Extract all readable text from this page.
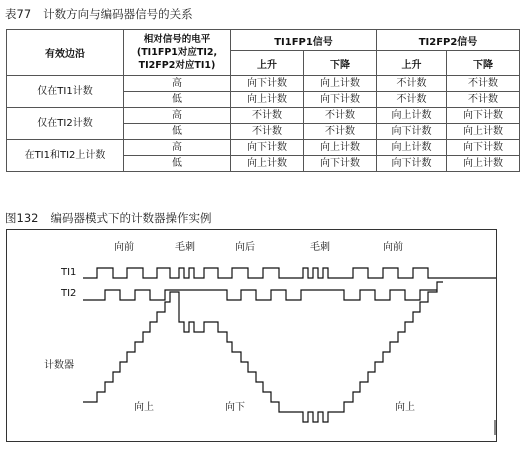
表77 计数方向与编码器信号的关系
有效边沿	相对信号的电平
(TI1FP1对应TI2,
TI2FP2对应TI1)	TI1FP1信号		TI2FP2信号	
		上升	下降	上升	下降
仅在TI1计数	高	向下计数	向上计数	不计数	不计数
	低	向上计数	向下计数	不计数	不计数
仅在TI2计数	高	不计数	不计数	向上计数	向下计数
	低	不计数	不计数	向下计数	向上计数
在TI1和TI2上计数	高	向下计数	向上计数	向上计数	向下计数
	低	向上计数	向下计数	向下计数	向上计数
图132 编码器模式下的计数器操作实例
向前	毛刺	向后	毛刺	向前
TI1
TI2
计数器
向上	向下	向上
